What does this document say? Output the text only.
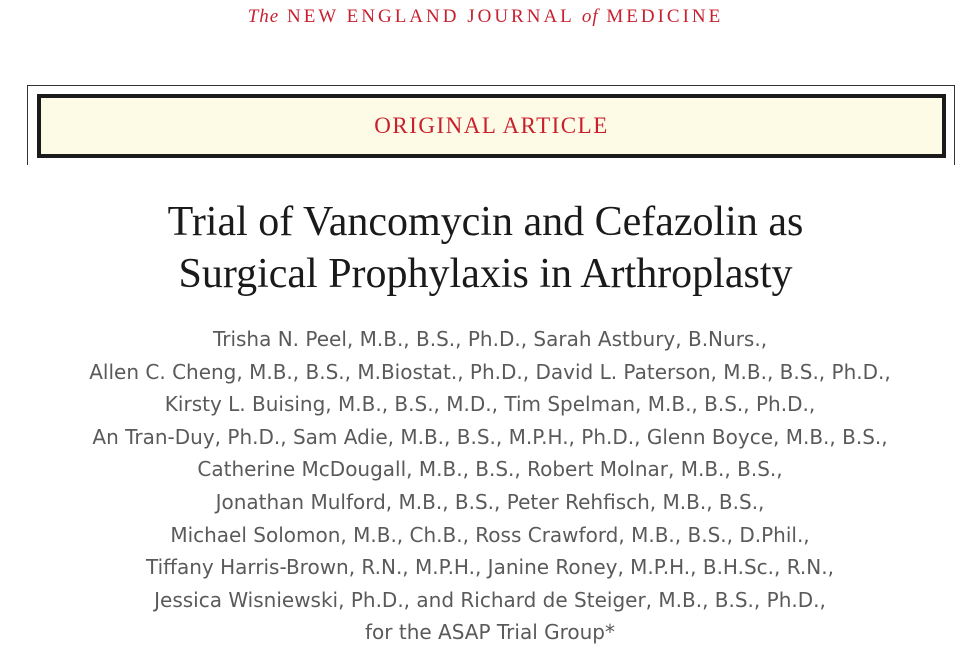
The NEW ENGLAND JOURNAL of MEDICINE
ORIGINAL ARTICLE
Trial of Vancomycin and Cefazolin as
Surgical Prophylaxis in Arthroplasty
Trisha N. Peel, M.B., B.S., Ph.D., Sarah Astbury, B.Nurs.,
Allen C. Cheng, M.B., B.S., M.Biostat., Ph.D., David L. Paterson, M.B., B.S., Ph.D.,
Kirsty L. Buising, M.B., B.S., M.D., Tim Spelman, M.B., B.S., Ph.D.,
An Tran-Duy, Ph.D., Sam Adie, M.B., B.S., M.P.H., Ph.D., Glenn Boyce, M.B., B.S.,
Catherine McDougall, M.B., B.S., Robert Molnar, M.B., B.S.,
Jonathan Mulford, M.B., B.S., Peter Rehfisch, M.B., B.S.,
Michael Solomon, M.B., Ch.B., Ross Crawford, M.B., B.S., D.Phil.,
Tiffany Harris-Brown, R.N., M.P.H., Janine Roney, M.P.H., B.H.Sc., R.N.,
Jessica Wisniewski, Ph.D., and Richard de Steiger, M.B., B.S., Ph.D.,
for the ASAP Trial Group*
